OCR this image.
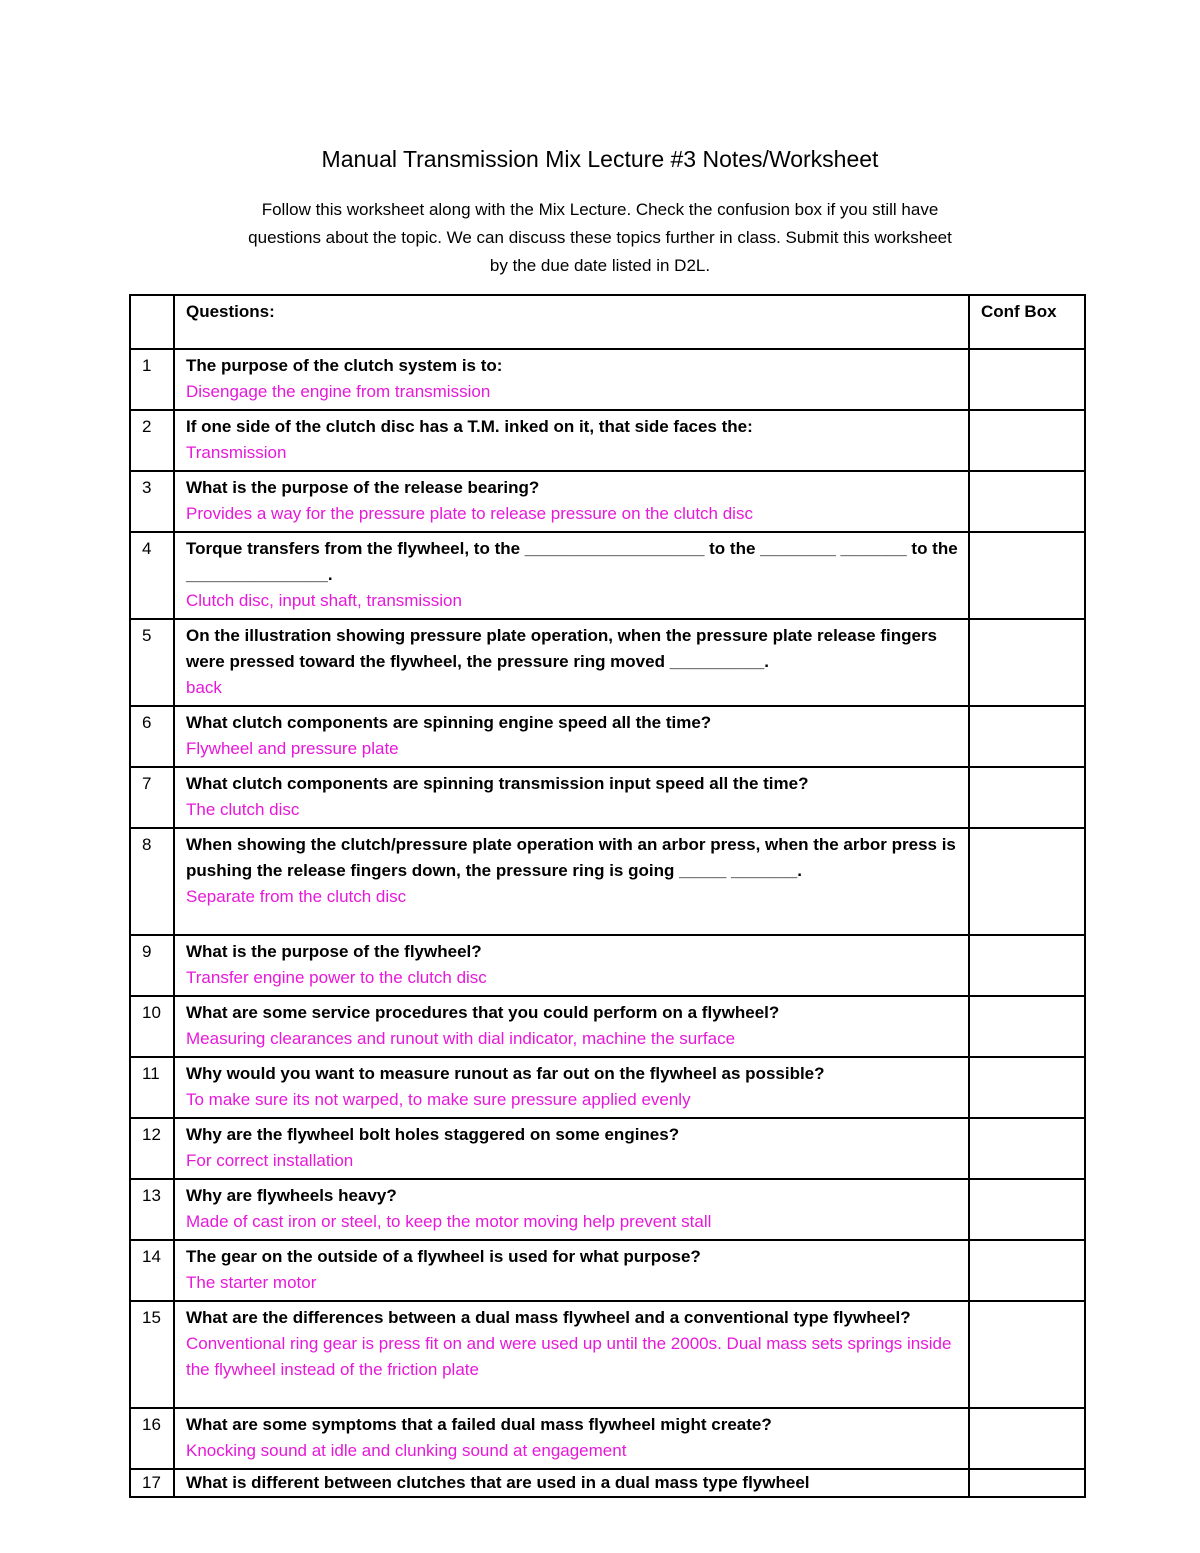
Manual Transmission Mix Lecture #3 Notes/Worksheet
Follow this worksheet along with the Mix Lecture. Check the confusion box if you still have
questions about the topic. We can discuss these topics further in class. Submit this worksheet
by the due date listed in D2L.
	Questions:	Conf Box
1	The purpose of the clutch system is to:
Disengage the engine from transmission	

2	If one side of the clutch disc has a T.M. inked on it, that side faces the:
Transmission	

3	What is the purpose of the release bearing?
Provides a way for the pressure plate to release pressure on the clutch disc	

4	Torque transfers from the flywheel, to the ___________________ to the ________ _______ to the _______________.
Clutch disc, input shaft, transmission	

5	On the illustration showing pressure plate operation, when the pressure plate release fingers were pressed toward the flywheel, the pressure ring moved __________.
back	

6	What clutch components are spinning engine speed all the time?
Flywheel and pressure plate	

7	What clutch components are spinning transmission input speed all the time?
The clutch disc	

8	When showing the clutch/pressure plate operation with an arbor press, when the arbor press is pushing the release fingers down, the pressure ring is going _____ _______.
Separate from the clutch disc	

9	What is the purpose of the flywheel?
Transfer engine power to the clutch disc	

10	What are some service procedures that you could perform on a flywheel?
Measuring clearances and runout with dial indicator, machine the surface	

11	Why would you want to measure runout as far out on the flywheel as possible?
To make sure its not warped, to make sure pressure applied evenly	

12	Why are the flywheel bolt holes staggered on some engines?
For correct installation	

13	Why are flywheels heavy?
Made of cast iron or steel, to keep the motor moving help prevent stall	

14	The gear on the outside of a flywheel is used for what purpose?
The starter motor	

15	What are the differences between a dual mass flywheel and a conventional type flywheel?
Conventional ring gear is press fit on and were used up until the 2000s. Dual mass sets springs inside the flywheel instead of the friction plate	

16	What are some symptoms that a failed dual mass flywheel might create?
Knocking sound at idle and clunking sound at engagement	

17	What is different between clutches that are used in a dual mass type flywheel	
